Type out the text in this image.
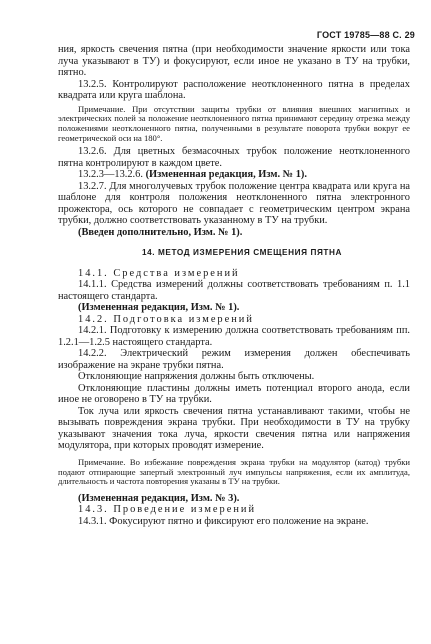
ГОСТ 19785—88 С. 29

ния, яркость свечения пятна (при необходимости значение яркости или тока луча указывают в ТУ) и фокусируют, если иное не указано в ТУ на трубки, пятно.

13.2.5. Контролируют расположение неотклоненного пятна в пределах квадрата или круга шаблона.

Примечание. При отсутствии защиты трубки от влияния внешних магнитных и электрических полей за положение неотклоненного пятна принимают середину отрезка между положениями неотклоненного пятна, полученными в результате поворота трубки вокруг ее геометрической оси на 180°.

13.2.6. Для цветных безмасочных трубок положение неотклоненного пятна контролируют в каждом цвете.

13.2.3—13.2.6. (Измененная редакция, Изм. № 1).

13.2.7. Для многолучевых трубок положение центра квадрата или круга на шаблоне для контроля положения неотклоненного пятна электронного прожектора, ось которого не совпадает с геометрическим центром экрана трубки, должно соответствовать указанному в ТУ на трубки.

(Введен дополнительно, Изм. № 1).

14. МЕТОД ИЗМЕРЕНИЯ СМЕЩЕНИЯ ПЯТНА

14.1. Средства измерений

14.1.1. Средства измерений должны соответствовать требованиям п. 1.1 настоящего стандарта.

(Измененная редакция, Изм. № 1).

14.2. Подготовка измерений

14.2.1. Подготовку к измерению должна соответствовать требованиям пп. 1.2.1—1.2.5 настоящего стандарта.

14.2.2. Электрический режим измерения должен обеспечивать изображение на экране трубки пятна.

Отклоняющие напряжения должны быть отключены.

Отклоняющие пластины должны иметь потенциал второго анода, если иное не оговорено в ТУ на трубки.

Ток луча или яркость свечения пятна устанавливают такими, чтобы не вызывать повреждения экрана трубки. При необходимости в ТУ на трубку указывают значения тока луча, яркости свечения пятна или напряжения модулятора, при которых проводят измерение.

Примечание. Во избежание повреждения экрана трубки на модулятор (катод) трубки подают отпирающие запертый электронный луч импульсы напряжения, если их амплитуда, длительность и частота повторения указаны в ТУ на трубки.

(Измененная редакция, Изм. № 3).

14.3. Проведение измерений

14.3.1. Фокусируют пятно и фиксируют его положение на экране.
